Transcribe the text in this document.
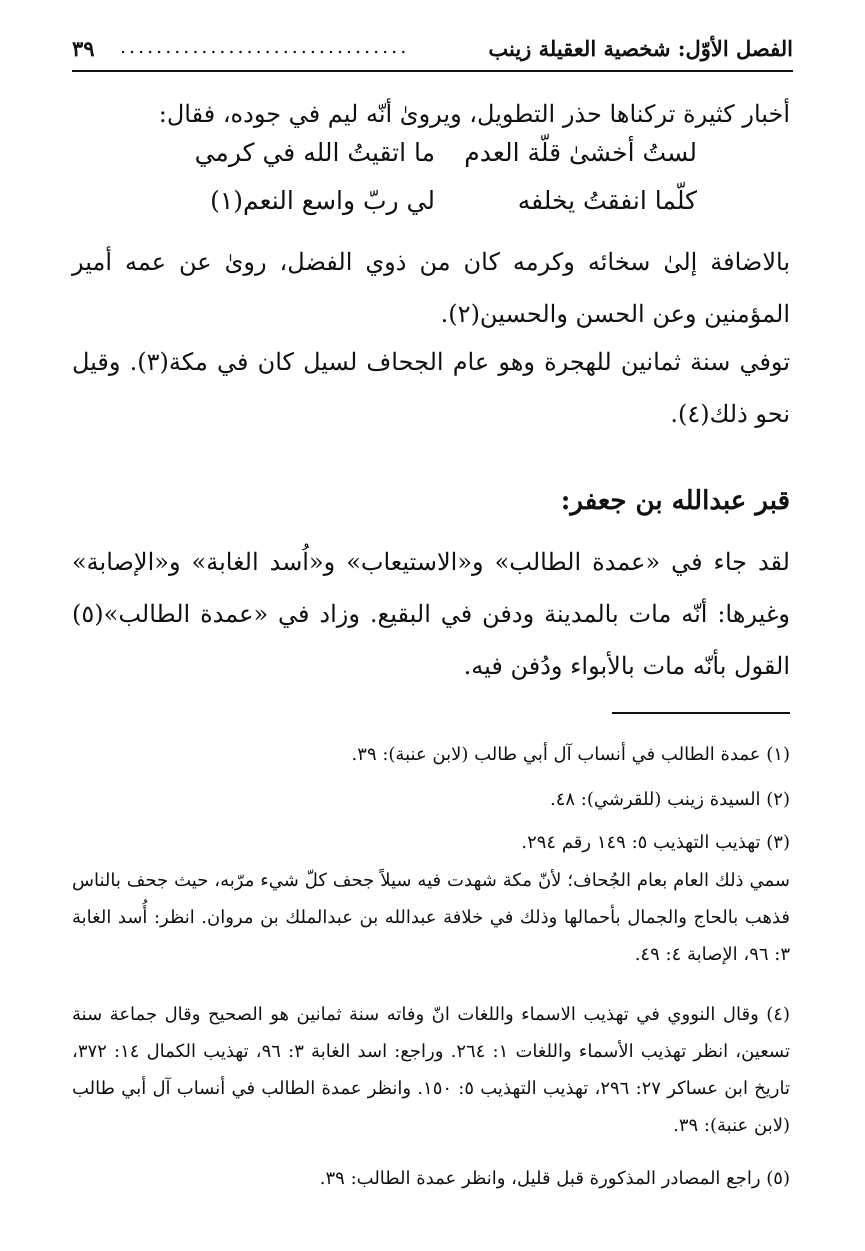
الفصل الأوّل: شخصية العقيلة زينب
................................
٣٩
أخبار كثيرة تركناها حذر التطويل، ويروىٰ أنّه ليم في جوده، فقال:
لستُ أخشىٰ قلّة العدم
ما اتقيتُ الله في كرمي
كلّما انفقتُ يخلفه
لي ربّ واسع النعم(١)
بالاضافة إلىٰ سخائه وكرمه كان من ذوي الفضل، روىٰ عن عمه أمير المؤمنين وعن الحسن والحسين(٢).
توفي سنة ثمانين للهجرة وهو عام الجحاف لسيل كان في مكة(٣). وقيل نحو ذلك(٤).
قبر عبدالله بن جعفر:
لقد جاء في «عمدة الطالب» و«الاستيعاب» و«اُسد الغابة» و«الإصابة» وغيرها: أنّه مات بالمدينة ودفن في البقيع. وزاد في «عمدة الطالب»(٥) القول بأنّه مات بالأبواء ودُفن فيه.
(١) عمدة الطالب في أنساب آل أبي طالب (لابن عنبة): ٣٩.
(٢) السيدة زينب (للقرشي): ٤٨.
(٣) تهذيب التهذيب ٥: ١٤٩ رقم ٢٩٤.
سمي ذلك العام بعام الجُحاف؛ لأنّ مكة شهدت فيه سيلاً جحف كلّ شيء مرّبه، حيث جحف بالناس فذهب بالحاج والجمال بأحمالها وذلك في خلافة عبدالله بن عبدالملك بن مروان. انظر: أُسد الغابة ٣: ٩٦، الإصابة ٤: ٤٩.
(٤) وقال النووي في تهذيب الاسماء واللغات انّ وفاته سنة ثمانين هو الصحيح وقال جماعة سنة تسعين، انظر تهذيب الأسماء واللغات ١: ٢٦٤. وراجع: اسد الغابة ٣: ٩٦، تهذيب الكمال ١٤: ٣٧٢، تاريخ ابن عساكر ٢٧: ٢٩٦، تهذيب التهذيب ٥: ١٥٠. وانظر عمدة الطالب في أنساب آل أبي طالب (لابن عنبة): ٣٩.
(٥) راجع المصادر المذكورة قبل قليل، وانظر عمدة الطالب: ٣٩.
